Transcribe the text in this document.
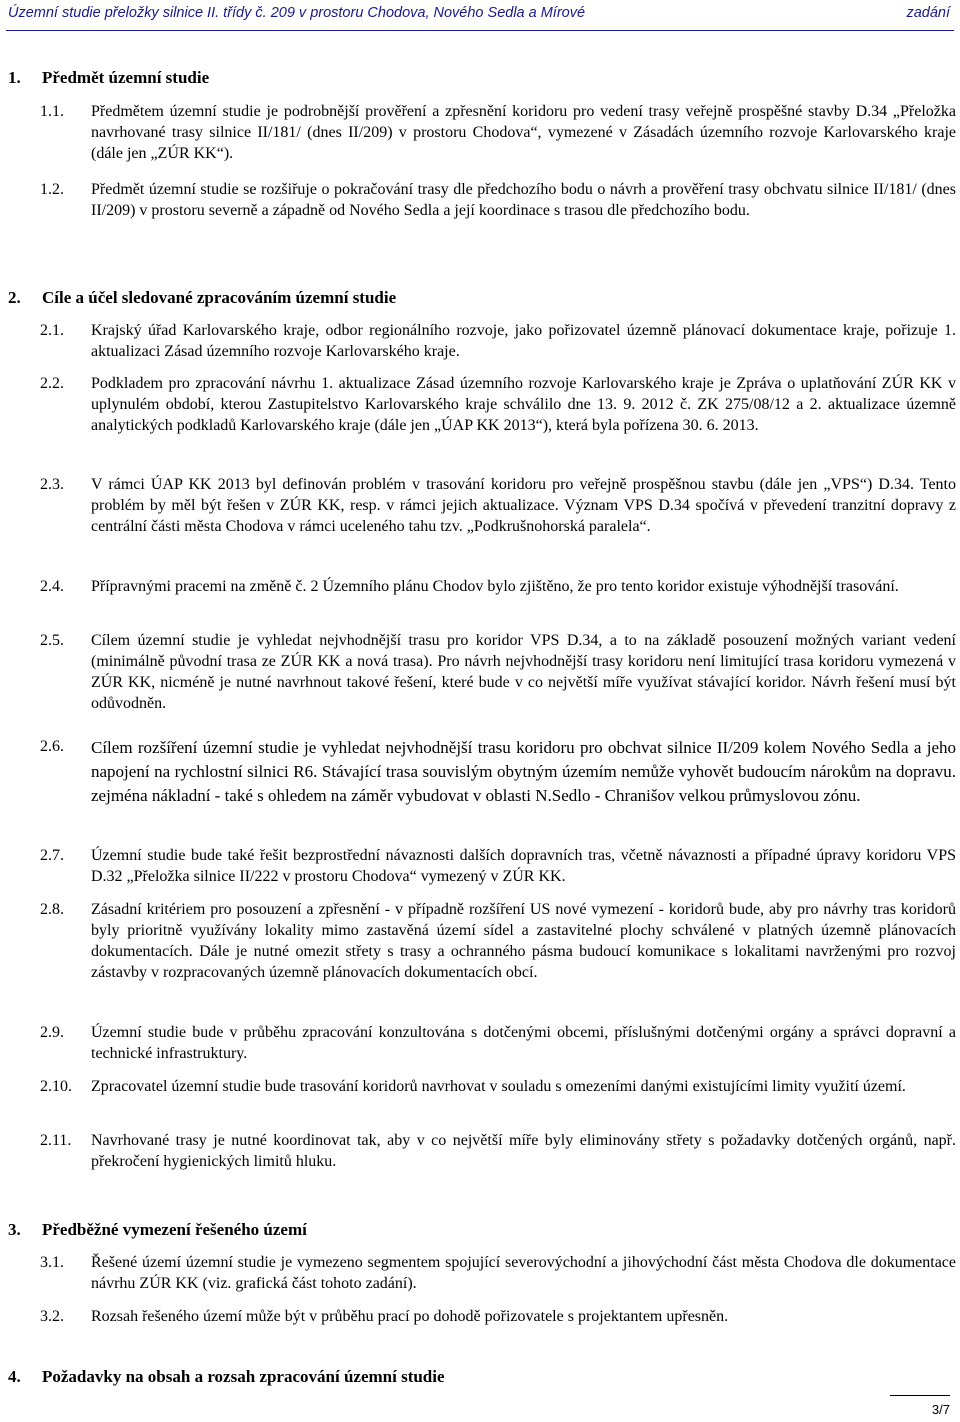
Územní studie přeložky silnice II. třídy č. 209 v prostoru Chodova, Nového Sedla a Mírové	zadání
1. Předmět územní studie
1.1. Předmětem územní studie je podrobnější prověření a zpřesnění koridoru pro vedení trasy veřejně prospěšné stavby D.34 „Přeložka navrhované trasy silnice II/181/ (dnes II/209) v prostoru Chodova“, vymezené v Zásadách územního rozvoje Karlovarského kraje (dále jen „ZÚR KK“).
1.2. Předmět územní studie se rozšiřuje o pokračování trasy dle předchozího bodu o návrh a prověření trasy obchvatu silnice II/181/ (dnes II/209) v prostoru severně a západně od Nového Sedla a její koordinace s trasou dle předchozího bodu.
2. Cíle a účel sledované zpracováním územní studie
2.1. Krajský úřad Karlovarského kraje, odbor regionálního rozvoje, jako pořizovatel územně plánovací dokumentace kraje, pořizuje 1. aktualizaci Zásad územního rozvoje Karlovarského kraje.
2.2. Podkladem pro zpracování návrhu 1. aktualizace Zásad územního rozvoje Karlovarského kraje je Zpráva o uplatňování ZÚR KK v uplynulém období, kterou Zastupitelstvo Karlovarského kraje schválilo dne 13. 9. 2012 č. ZK 275/08/12 a 2. aktualizace územně analytických podkladů Karlovarského kraje (dále jen „ÚAP KK 2013“), která byla pořízena 30. 6. 2013.
2.3. V rámci ÚAP KK 2013 byl definován problém v trasování koridoru pro veřejně prospěšnou stavbu (dále jen „VPS“) D.34. Tento problém by měl být řešen v ZÚR KK, resp. v rámci jejich aktualizace. Význam VPS D.34 spočívá v převedení tranzitní dopravy z centrální části města Chodova v rámci uceleného tahu tzv. „Podkrušnohorská paralela“.
2.4. Přípravnými pracemi na změně č. 2 Územního plánu Chodov bylo zjištěno, že pro tento koridor existuje výhodnější trasování.
2.5. Cílem územní studie je vyhledat nejvhodnější trasu pro koridor VPS D.34, a to na základě posouzení možných variant vedení (minimálně původní trasa ze ZÚR KK a nová trasa). Pro návrh nejvhodnější trasy koridoru není limitující trasa koridoru vymezená v ZÚR KK, nicméně je nutné navrhnout takové řešení, které bude v co největší míře využívat stávající koridor. Návrh řešení musí být odůvodněn.
2.6. Cílem rozšíření územní studie je vyhledat nejvhodnější trasu koridoru pro obchvat silnice II/209 kolem Nového Sedla a jeho napojení na rychlostní silnici R6. Stávající trasa souvislým obytným územím nemůže vyhovět budoucím nárokům na dopravu. zejména nákladní - také s ohledem na záměr vybudovat v oblasti N.Sedlo - Chranišov velkou průmyslovou zónu.
2.7. Územní studie bude také řešit bezprostřední návaznosti dalších dopravních tras, včetně návaznosti a případné úpravy koridoru VPS D.32 „Přeložka silnice II/222 v prostoru Chodova“ vymezený v ZÚR KK.
2.8. Zásadní kritériem pro posouzení a zpřesnění - v případně rozšíření US nové vymezení - koridorů bude, aby pro návrhy tras koridorů byly prioritně využívány lokality mimo zastavěná území sídel a zastavitelné plochy schválené v platných územně plánovacích dokumentacích. Dále je nutné omezit střety s trasy a ochranného pásma budoucí komunikace s lokalitami navrženými pro rozvoj zástavby v rozpracovaných územně plánovacích dokumentacích obcí.
2.9. Územní studie bude v průběhu zpracování konzultována s dotčenými obcemi, příslušnými dotčenými orgány a správci dopravní a technické infrastruktury.
2.10. Zpracovatel územní studie bude trasování koridorů navrhovat v souladu s omezeními danými existujícími limity využití území.
2.11. Navrhované trasy je nutné koordinovat tak, aby v co největší míře byly eliminovány střety s požadavky dotčených orgánů, např. překročení hygienických limitů hluku.
3. Předběžné vymezení řešeného území
3.1. Řešené území územní studie je vymezeno segmentem spojující severovýchodní a jihovýchodní část města Chodova dle dokumentace návrhu ZÚR KK (viz. grafická část tohoto zadání).
3.2. Rozsah řešeného území může být v průběhu prací po dohodě pořizovatele s projektantem upřesněn.
4. Požadavky na obsah a rozsah zpracování územní studie
3/7
